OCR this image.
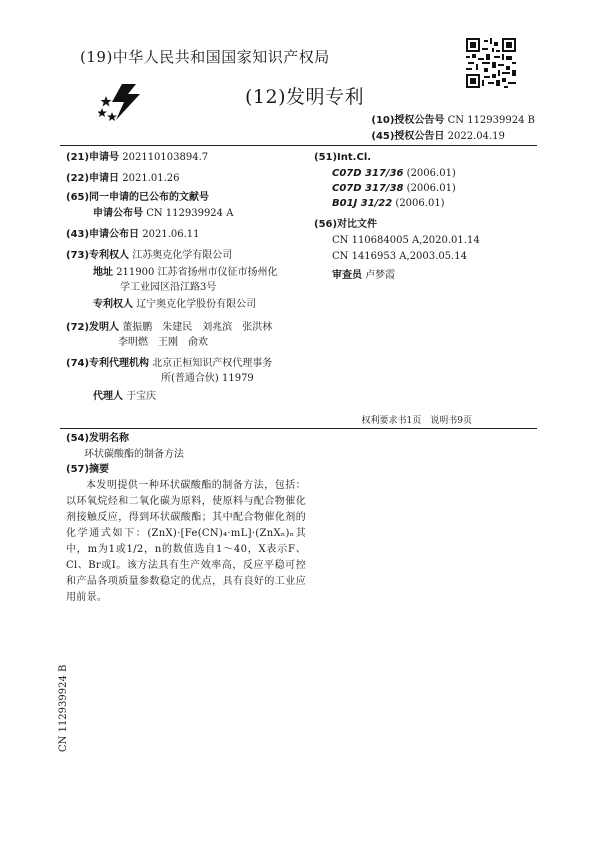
(19)中华人民共和国国家知识产权局
(12)发明专利
(10)授权公告号 CN 112939924 B
(45)授权公告日 2022.04.19
(21)申请号 202110103894.7
(22)申请日 2021.01.26
(65)同一申请的已公布的文献号
申请公布号 CN 112939924 A
(43)申请公布日 2021.06.11
(73)专利权人 江苏奥克化学有限公司
地址 211900 江苏省扬州市仪征市扬州化
学工业园区沿江路3号
专利权人 辽宁奥克化学股份有限公司
(72)发明人 董振鹏　朱建民　刘兆滨　张洪林
李明燃　王刚　俞欢
(74)专利代理机构 北京正桓知识产权代理事务
所(普通合伙) 11979
代理人 于宝庆
(51)Int.Cl.
C07D 317/36 (2006.01)
C07D 317/38 (2006.01)
B01J 31/22 (2006.01)
(56)对比文件
CN 110684005 A,2020.01.14
CN 1416953 A,2003.05.14
审查员 卢梦霞
权利要求书1页　说明书9页
(54)发明名称
环状碳酸酯的制备方法
(57)摘要
本发明提供一种环状碳酸酯的制备方法，包括：以环氧烷烃和二氧化碳为原料，使原料与配合物催化剂接触反应，得到环状碳酸酯；其中配合物催化剂的化学通式如下：(ZnX)·[Fe(CN)₄·mL]·(ZnXₙ)ₙ其中，m为1或1/2，n的数值选自1～40，X表示F、Cl、Br或I。该方法具有生产效率高，反应平稳可控和产品各项质量参数稳定的优点，具有良好的工业应用前景。
CN 112939924 B
